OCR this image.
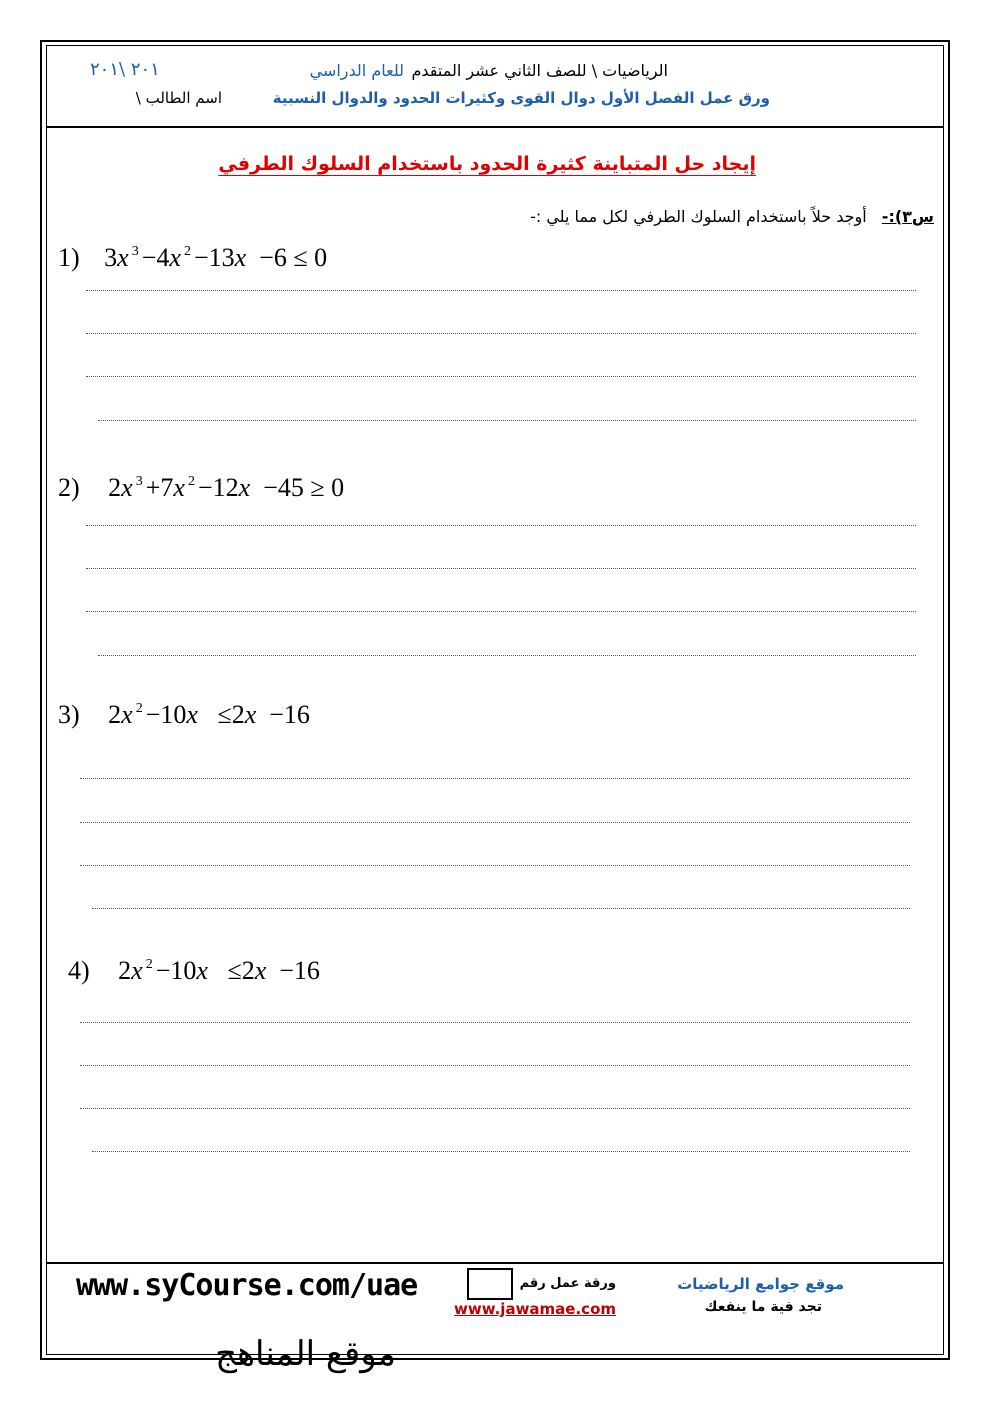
الرياضيات \ للصف الثاني عشر المتقدم
للعام الدراسي
٢٠١ \٢٠١
ورق عمل الفصل الأول دوال القوى وكثيرات الحدود والدوال النسبية
اسم الطالب \
إيجاد حل المتباينة كثيرة الحدود باستخدام السلوك الطرفي
س٣):- أوجد حلاً باستخدام السلوك الطرفي لكل مما يلي :-
1) 3x $^3$ −4x $^2$ −13x  −6 ≤ 0
2) 2x $^3$ +7x $^2$ −12x  −45 ≥ 0
3) 2x $^2$ −10x   ≤2x  −16
4) 2x $^2$ −10x   ≤2x  −16
www.syCourse.com/uae	ورقة عمل رقم	موقع جوامع الرياضيات
www.jawamae.com	تجد فية ما ينفعك
موقع المناهج
